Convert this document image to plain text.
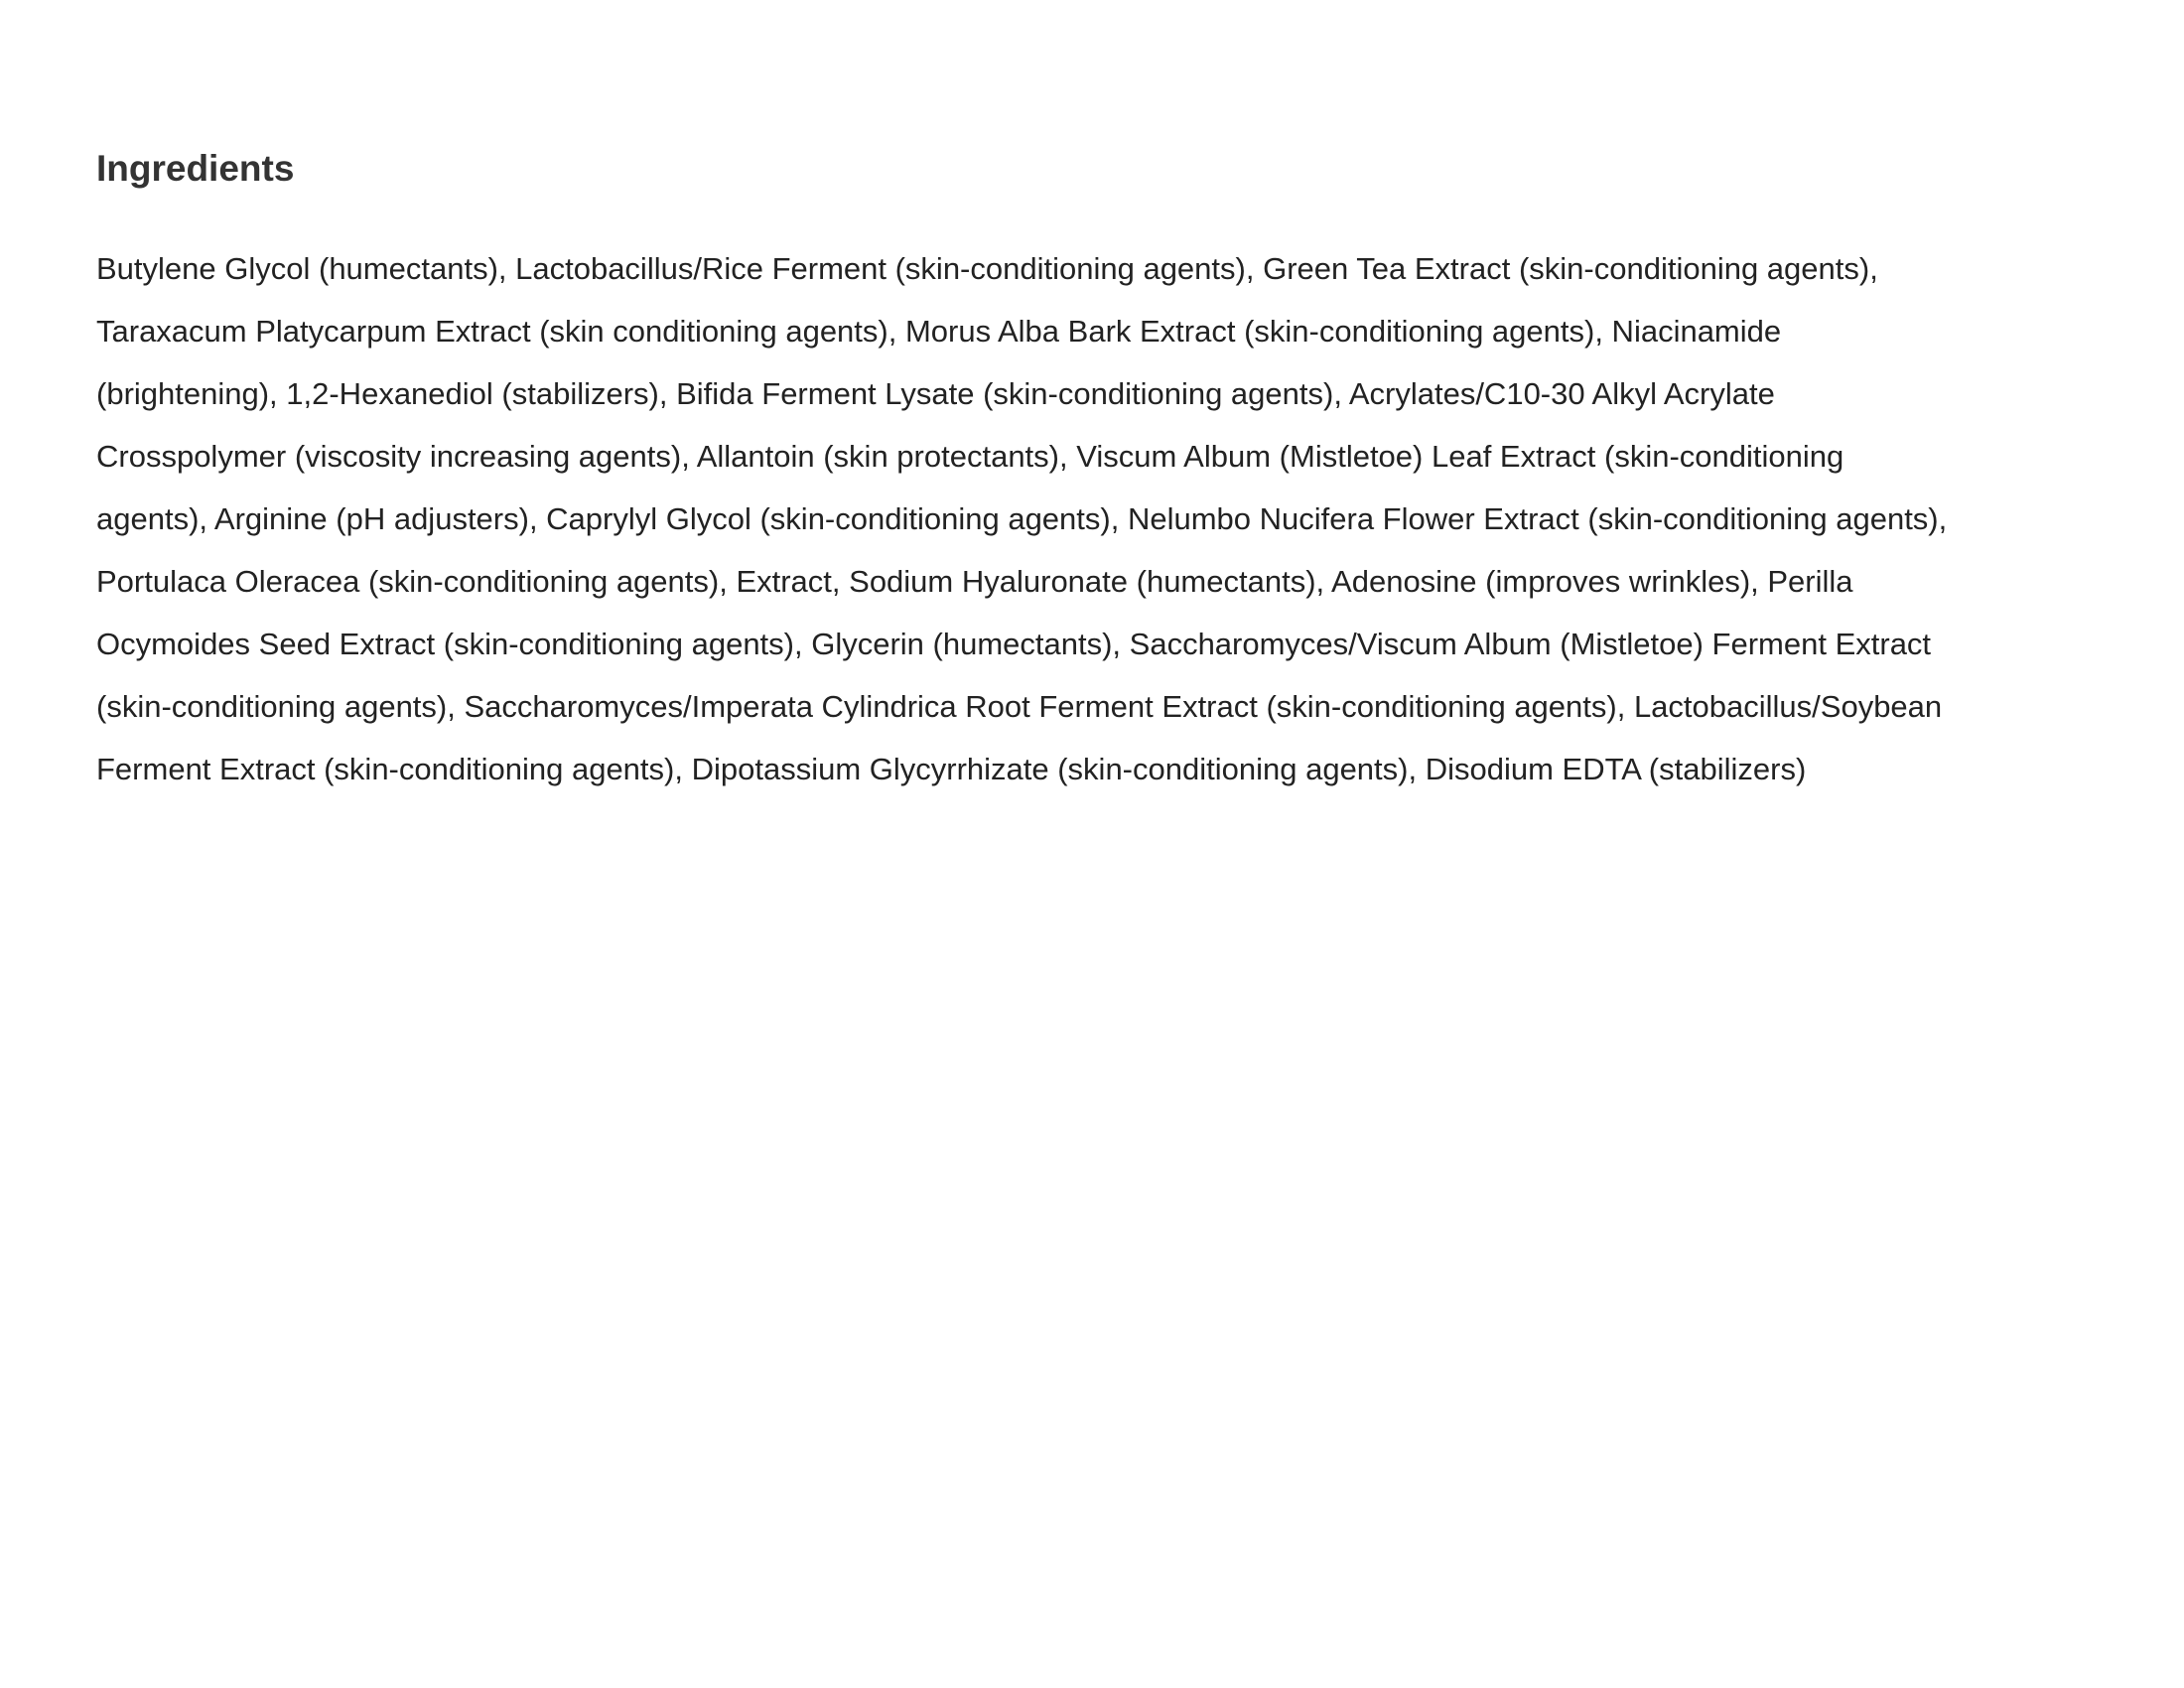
Ingredients

Butylene Glycol (humectants), Lactobacillus/Rice Ferment (skin-conditioning agents), Green Tea Extract (skin-conditioning agents),
Taraxacum Platycarpum Extract (skin conditioning agents), Morus Alba Bark Extract (skin-conditioning agents), Niacinamide
(brightening), 1,2-Hexanediol (stabilizers), Bifida Ferment Lysate (skin-conditioning agents), Acrylates/C10-30 Alkyl Acrylate
Crosspolymer (viscosity increasing agents), Allantoin (skin protectants), Viscum Album (Mistletoe) Leaf Extract (skin-conditioning
agents), Arginine (pH adjusters), Caprylyl Glycol (skin-conditioning agents), Nelumbo Nucifera Flower Extract (skin-conditioning agents),
Portulaca Oleracea (skin-conditioning agents), Extract, Sodium Hyaluronate (humectants), Adenosine (improves wrinkles), Perilla
Ocymoides Seed Extract (skin-conditioning agents), Glycerin (humectants), Saccharomyces/Viscum Album (Mistletoe) Ferment Extract
(skin-conditioning agents), Saccharomyces/Imperata Cylindrica Root Ferment Extract (skin-conditioning agents), Lactobacillus/Soybean
Ferment Extract (skin-conditioning agents), Dipotassium Glycyrrhizate (skin-conditioning agents), Disodium EDTA (stabilizers)
